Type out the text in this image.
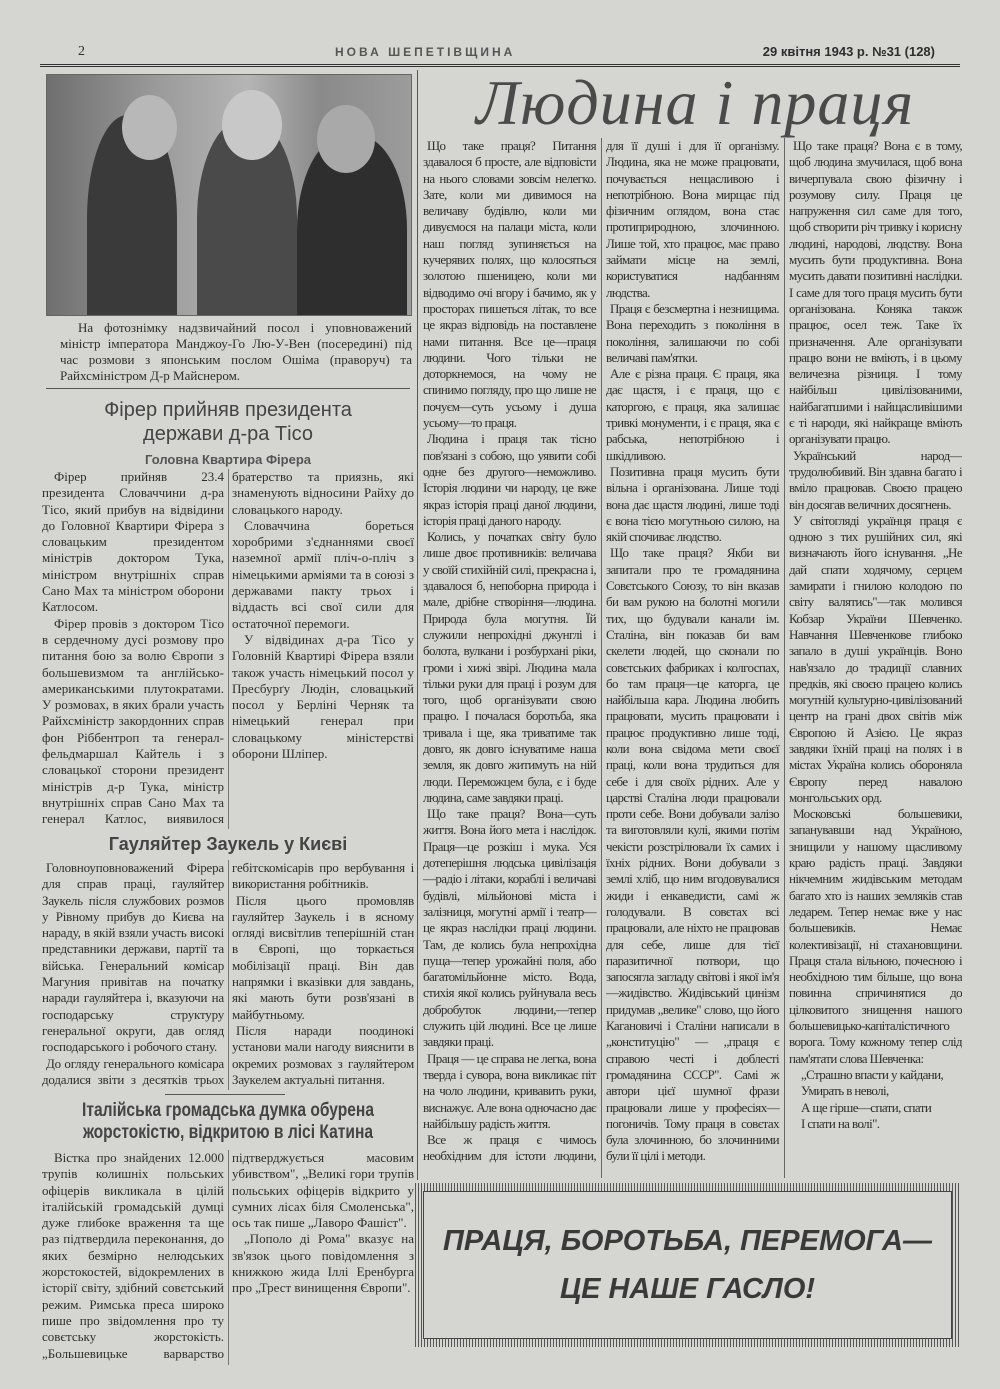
2	НОВА ШЕПЕТІВЩИНА	29 квітня 1943 р. №31 (128)
На фотознімку надзвичайний посол і уповноважений міністр імператора Манджоу-Го Лю-У-Вен (посередині) під час розмови з японським послом Ошіма (праворуч) та Райхсміністром Д-р Майснером.
Фірер прийняв президента
держави д-ра Тісо
Головна Квартира Фірера

Фірер прийняв 23.4 президента Словаччини д-ра Тісо, який прибув на відвідини до Головної Квартири Фірера з словацьким президентом міністрів доктором Тука, міністром внутрішніх справ Сано Мах та міністром оборони Катлосом.

Фірер провів з доктором Тісо в сердечному дусі розмову про питання бою за волю Європи з большевизмом та англійсько-американськими плутократами. У розмовах, в яких брали участь Райхсміністр закордонних справ фон Ріббентроп та генерал-фельдмаршал Кайтель і з словацької сторони президент міністрів д-р Тука, міністр внутрішніх справ Сано Мах та генерал Катлос, виявилося братерство та приязнь, які знаменують відносини Райху до словацького народу.

Словаччина бореться хоробрими з'єднаннями своєї наземної армії пліч-о-пліч з німецькими арміями та в союзі з державами пакту трьох і віддасть всі свої сили для остаточної перемоги.

У відвідинах д-ра Тісо у Головній Квартирі Фірера взяли також участь німецький посол у Пресбурґу Людін, словацький посол у Берліні Черняк та німецький генерал при словацькому міністерстві оборони Шліпер.

Гауляйтер Заукель у Києві

Головноуповноважений Фірера для справ праці, гауляйтер Заукель після службових розмов у Рівному прибув до Києва на нараду, в якій взяли участь високі представники держави, партії та війська. Генеральний комісар Магуния привітав на початку наради гауляйтера і, вказуючи на господарську структуру генеральної округи, дав огляд господарського і робочого стану.

До огляду генерального комісара додалися звіти з десятків трьох гебітскомісарів про вербування і використання робітників.

Після цього промовляв гауляйтер Заукель і в ясному огляді висвітлив теперішній стан в Європі, що торкається мобілізації праці. Він дав напрямки і вказівки для завдань, які мають бути розв'язані в майбутньому.

Після наради поодинокі установи мали нагоду вияснити в окремих розмовах з гауляйтером Заукелем актуальні питання.

Італійська громадська думка обурена
жорстокістю, відкритою в лісі Катина

Вістка про знайдених 12.000 трупів колишніх польських офіцерів викликала в цілій італійській громадській думці дуже глибоке враження та ще раз підтвердила переконання, до яких безмірно нелюдських жорстокостей, відокремлених в історії світу, здібний совєтський режим. Римська преса широко пише про звідомлення про ту совєтську жорстокість. „Большевицьке варварство підтверджується масовим убивством", „Великі гори трупів польських офіцерів відкрито у сумних лісах біля Смоленська", ось так пише „Лаворо Фашіст".

„Пополо ді Рома" вказує на зв'язок цього повідомлення з книжкою жида Іллі Еренбурга про „Трест винищення Європи".

Людина і праця

Що таке праця? Питання здавалося б просте, але відповісти на нього словами зовсім нелегко. Зате, коли ми дивимося на величаву будівлю, коли ми дивуємося на палаци міста, коли наш погляд зупиняється на кучерявих полях, що колосяться золотою пшеницею, коли ми відводимо очі вгору і бачимо, як у просторах пишеться літак, то все це якраз відповідь на поставлене нами питання. Все це—праця людини. Чого тільки не доторкнемося, на чому не спинимо погляду, про що лише не почуєм—суть усьому і душа усьому—то праця.

Людина і праця так тісно пов'язані з собою, що уявити собі одне без другого—неможливо. Історія людини чи народу, це вже якраз історія праці даної людини, історія праці даного народу.

Колись, у початках світу було лише двоє противників: величава у своїй стихійній силі, прекрасна і, здавалося б, непоборна природа і мале, дрібне створіння—людина. Природа була могутня. Їй служили непрохідні джунглі і болота, вулкани і розбурхані ріки, громи і хижі звірі. Людина мала тільки руки для праці і розум для того, щоб організувати свою працю. І почалася боротьба, яка тривала і ще, яка триватиме так довго, як довго існуватиме наша земля, як довго житимуть на ній люди. Переможцем була, є і буде людина, саме завдяки праці.

Що таке праця? Вона—суть життя. Вона його мета і наслідок. Праця—це розкіш і мука. Уся дотеперішня людська цивілізація—радіо і літаки, кораблі і величаві будівлі, мільйонові міста і залізниця, могутні армії і театр—це якраз наслідки праці людини. Там, де колись була непрохідна пуща—тепер урожайні поля, або багатомільйонне місто. Вода, стихія якої колись руйнувала весь добробуток людини,—тепер служить цій людині. Все це лише завдяки праці.

Праця — це справа не легка, вона тверда і сувора, вона викликає піт на чоло людини, кривавить руки, виснажує. Але вона одночасно дає найбільшу радість життя.

Все ж праця є чимось необхідним для істоти людини, для її душі і для її організму. Людина, яка не може працювати, почувається нещасливою і непотрібною. Вона мирщає під фізичним оглядом, вона стає протиприродною, злочинною. Лише той, хто працює, має право займати місце на землі, користуватися надбанням людства.

Праця є безсмертна і незнищима. Вона переходить з покоління в покоління, залишаючи по собі величаві пам'ятки.

Але є різна праця. Є праця, яка дає щастя, і є праця, що є каторгою, є праця, яка залишає тривкі монументи, і є праця, яка є рабська, непотрібною і шкідливою.

Позитивна праця мусить бути вільна і організована. Лише тоді вона дає щастя людині, лише тоді є вона тією могутньою силою, на якій спочиває людство.

Що таке праця? Якби ви запитали про те громадянина Совєтського Союзу, то він вказав би вам рукою на болотні могили тих, що будували канали ім. Сталіна, він показав би вам скелети людей, що сконали по совєтських фабриках і колгоспах, бо там праця—це каторга, це найбільша кара. Людина любить працювати, мусить працювати і працює продуктивно лише тоді, коли вона свідома мети своєї праці, коли вона трудиться для себе і для своїх рідних. Але у царстві Сталіна люди працювали проти себе. Вони добували залізо та виготовляли кулі, якими потім чекісти розстрілювали їх самих і їхніх рідних. Вони добували з землі хліб, що ним вгодовувалися жиди і енкаведисти, самі ж голодували. В совєтах всі працювали, але ніхто не працював для себе, лише для тієї паразитичної потвори, що запосягла загладу світові і якої ім'я—жидівство. Жидівський цинізм придумав „велике" слово, що його Кагановичі і Сталіни написали в „конституцію" — „праця є справою честі і доблесті громадянина СССР". Самі ж автори цієї шумної фрази працювали лише у професіях—погоничів. Тому праця в совєтах була злочинною, бо злочинними були її цілі і методи.

Що таке праця? Вона є в тому, щоб людина змучилася, щоб вона вичерпувала свою фізичну і розумову силу. Праця це напруження сил саме для того, щоб створити річ тривку і корисну людині, народові, людству. Вона мусить бути продуктивна. Вона мусить давати позитивні наслідки. І саме для того праця мусить бути організована. Коняка також працює, осел теж. Таке їх призначення. Але організувати працю вони не вміють, і в цьому величезна різниця. І тому найбільш цивілізованими, найбагатшими і найщасливішими є ті народи, які найкраще вміють організувати працю.

Український народ—трудолюбивий. Він здавна багато і вміло працював. Своєю працею він досягав величних досягнень.

У світогляді українця праця є одною з тих рушійних сил, які визначають його існування. „Не дай спати ходячому, серцем замирати і гнилою колодою по світу валятись"—так молився Кобзар України Шевченко. Навчання Шевченкове глибоко запало в душі українців. Воно нав'язало до традиції славних предків, які своєю працею колись могутній культурно-цивілізований центр на грані двох світів між Європою й Азією. Це якраз завдяки їхній праці на полях і в містах Україна колись обороняла Європу перед навалою монгольських орд.

Московські большевики, запанувавши над Україною, знищили у нашому щасливому краю радість праці. Завдяки нікчемним жидівським методам багато хто із наших земляків став ледарем. Тепер немає вже у нас большевиків. Немає колективізації, ні стахановщини. Праця стала вільною, почесною і необхідною тим більше, що вона повинна спричинятися до цілковитого знищення нашого большевицько-капіталістичного ворога. Тому кожному тепер слід пам'ятати слова Шевченка:

„Страшно впасти у кайдани,

Умирать в неволі,

А ще гірше—спати, спати

І спати на волі".

ПРАЦЯ, БОРОТЬБА, ПЕРЕМОГА—
ЦЕ НАШЕ ГАСЛО!
